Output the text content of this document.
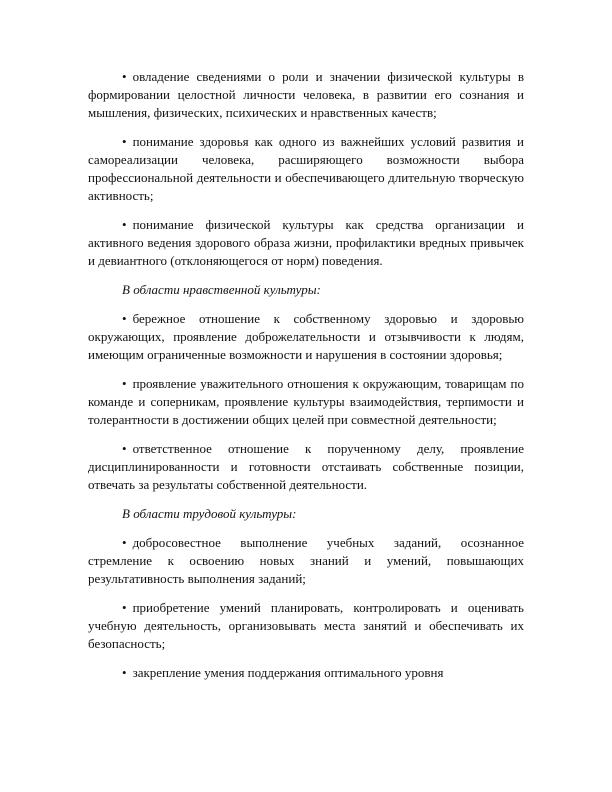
• овладение сведениями о роли и значении физической культуры в формировании целостной личности человека, в развитии его сознания и мышления, физических, психических и нравственных качеств;

• понимание здоровья как одного из важнейших условий развития и самореализации человека, расширяющего возможности выбора профессиональной деятельности и обеспечивающего длительную творческую активность;

• понимание физической культуры как средства организации и активного ведения здорового образа жизни, профилактики вредных привычек и девиантного (отклоняющегося от норм) поведения.

В области нравственной культуры:

• бережное отношение к собственному здоровью и здоровью окружающих, проявление доброжелательности и отзывчивости к людям, имеющим ограниченные возможности и нарушения в состоянии здоровья;

• проявление уважительного отношения к окружающим, товарищам по команде и соперникам, проявление культуры взаимодействия, терпимости и толерантности в достижении общих целей при совместной деятельности;

• ответственное отношение к порученному делу, проявление дисциплинированности и готовности отстаивать собственные позиции, отвечать за результаты собственной деятельности.

В области трудовой культуры:

• добросовестное выполнение учебных заданий, осознанное стремление к освоению новых знаний и умений, повышающих результативность выполнения заданий;

• приобретение умений планировать, контролировать и оценивать учебную деятельность, организовывать места занятий и обеспечивать их безопасность;

• закрепление умения поддержания оптимального уровня
